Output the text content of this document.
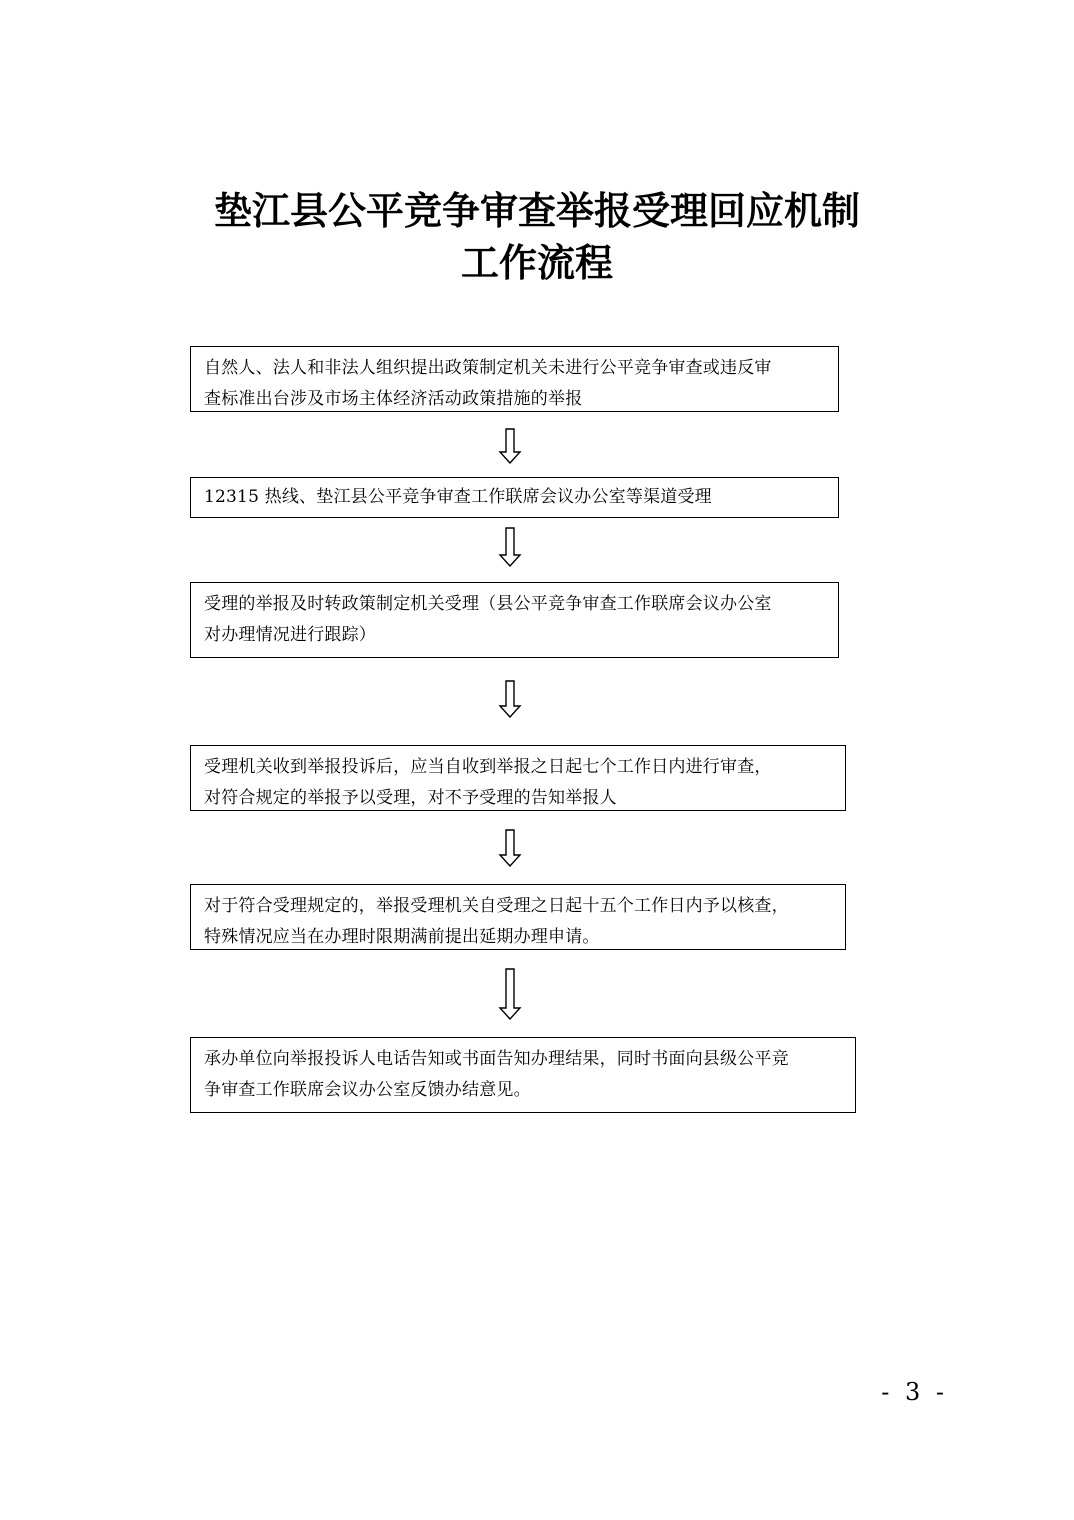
垫江县公平竞争审查举报受理回应机制
工作流程
自然人、法人和非法人组织提出政策制定机关未进行公平竞争审查或违反审
查标准出台涉及市场主体经济活动政策措施的举报
12315 热线、垫江县公平竞争审查工作联席会议办公室等渠道受理
受理的举报及时转政策制定机关受理（县公平竞争审查工作联席会议办公室
对办理情况进行跟踪）
受理机关收到举报投诉后，应当自收到举报之日起七个工作日内进行审查，
对符合规定的举报予以受理，对不予受理的告知举报人
对于符合受理规定的，举报受理机关自受理之日起十五个工作日内予以核查，
特殊情况应当在办理时限期满前提出延期办理申请。
承办单位向举报投诉人电话告知或书面告知办理结果，同时书面向县级公平竞
争审查工作联席会议办公室反馈办结意见。
- 3 -
